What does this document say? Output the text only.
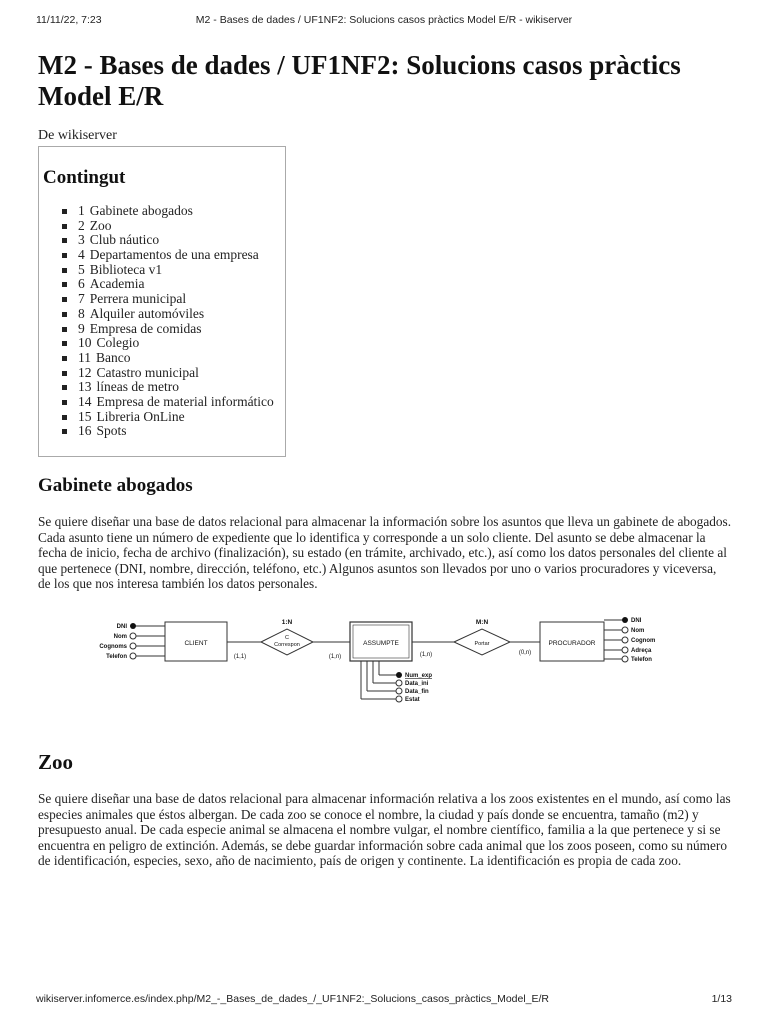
11/11/22, 7:23	M2 - Bases de dades / UF1NF2: Solucions casos pràctics Model E/R - wikiserver
M2 - Bases de dades / UF1NF2: Solucions casos pràctics
Model E/R
De wikiserver
Contingut
1 Gabinete abogados
2 Zoo
3 Club náutico
4 Departamentos de una empresa
5 Biblioteca v1
6 Academia
7 Perrera municipal
8 Alquiler automóviles
9 Empresa de comidas
10 Colegio
11 Banco
12 Catastro municipal
13 líneas de metro
14 Empresa de material informático
15 Libreria OnLine
16 Spots
Gabinete abogados

Se quiere diseñar una base de datos relacional para almacenar la información sobre los asuntos que lleva un gabinete de abogados. Cada asunto tiene un número de expediente que lo identifica y corresponde a un solo cliente. Del asunto se debe almacenar la fecha de inicio, fecha de archivo (finalización), su estado (en trámite, archivado, etc.), así como los datos personales del cliente al que pertenece (DNI, nombre, dirección, teléfono, etc.) Algunos asuntos son llevados por uno o varios procuradores y viceversa, de los que nos interesa también los datos personales.

CLIENT
DNI
Nom
Cognoms
Telefon
C
Correspon
1:N
(1,1)	(1,n)
ASSUMPTE
Num_exp
Data_ini
Data_fin
Estat
Portar
M:N
(1,n)	(0,n)
PROCURADOR
DNI
Nom
Cognom
Adreça
Telefon
Zoo

Se quiere diseñar una base de datos relacional para almacenar información relativa a los zoos existentes en el mundo, así como las especies animales que éstos albergan. De cada zoo se conoce el nombre, la ciudad y país donde se encuentra, tamaño (m2) y presupuesto anual. De cada especie animal se almacena el nombre vulgar, el nombre científico, familia a la que pertenece y si se encuentra en peligro de extinción. Además, se debe guardar información sobre cada animal que los zoos poseen, como su número de identificación, especies, sexo, año de nacimiento, país de origen y continente. La identificación es propia de cada zoo.

wikiserver.infomerce.es/index.php/M2_-_Bases_de_dades_/_UF1NF2:_Solucions_casos_pràctics_Model_E/R	1/13
